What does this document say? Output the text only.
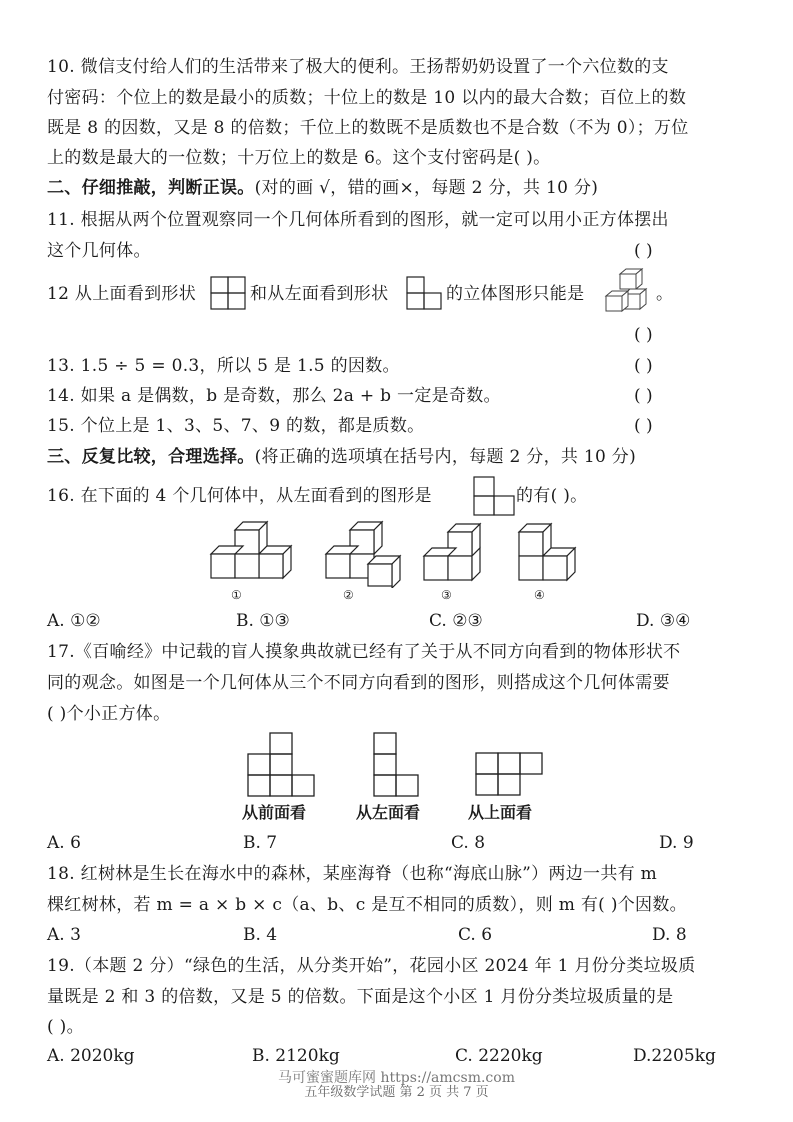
10. 微信支付给人们的生活带来了极大的便利。王扬帮奶奶设置了一个六位数的支
付密码：个位上的数是最小的质数；十位上的数是 10 以内的最大合数；百位上的数
既是 8 的因数，又是 8 的倍数；千位上的数既不是质数也不是合数（不为 0）；万位
上的数是最大的一位数；十万位上的数是 6。这个支付密码是( )。
二、仔细推敲，判断正误。(对的画 √，错的画×，每题 2 分，共 10 分)
11. 根据从两个位置观察同一个几何体所看到的图形，就一定可以用小正方体摆出
这个几何体。	( )
12 从上面看到形状	和从左面看到形状	的立体图形只能是	。
( )
13. 1.5 ÷ 5 = 0.3，所以 5 是 1.5 的因数。	( )
14. 如果 a 是偶数，b 是奇数，那么 2a + b 一定是奇数。	( )
15. 个位上是 1、3、5、7、9 的数，都是质数。	( )
三、反复比较，合理选择。(将正确的选项填在括号内，每题 2 分，共 10 分)
16. 在下面的 4 个几何体中，从左面看到的图形是	的有( )。
①	②	③	④
A. ①②	B. ①③	C. ②③	D. ③④
17.《百喻经》中记载的盲人摸象典故就已经有了关于从不同方向看到的物体形状不
同的观念。如图是一个几何体从三个不同方向看到的图形，则搭成这个几何体需要
( )个小正方体。
从前面看	从左面看	从上面看
A. 6	B. 7	C. 8	D. 9
18. 红树林是生长在海水中的森林，某座海脊（也称“海底山脉”）两边一共有 m
棵红树林，若 m = a × b × c（a、b、c 是互不相同的质数），则 m 有( )个因数。
A. 3	B. 4	C. 6	D. 8
19.（本题 2 分）“绿色的生活，从分类开始”，花园小区 2024 年 1 月份分类垃圾质
量既是 2 和 3 的倍数，又是 5 的倍数。下面是这个小区 1 月份分类垃圾质量的是
( )。
A. 2020kg	B. 2120kg	C. 2220kg	D.2205kg
马可蜜蜜题库网 https://amcsm.com
五年级数学试题 第 2 页 共 7 页
